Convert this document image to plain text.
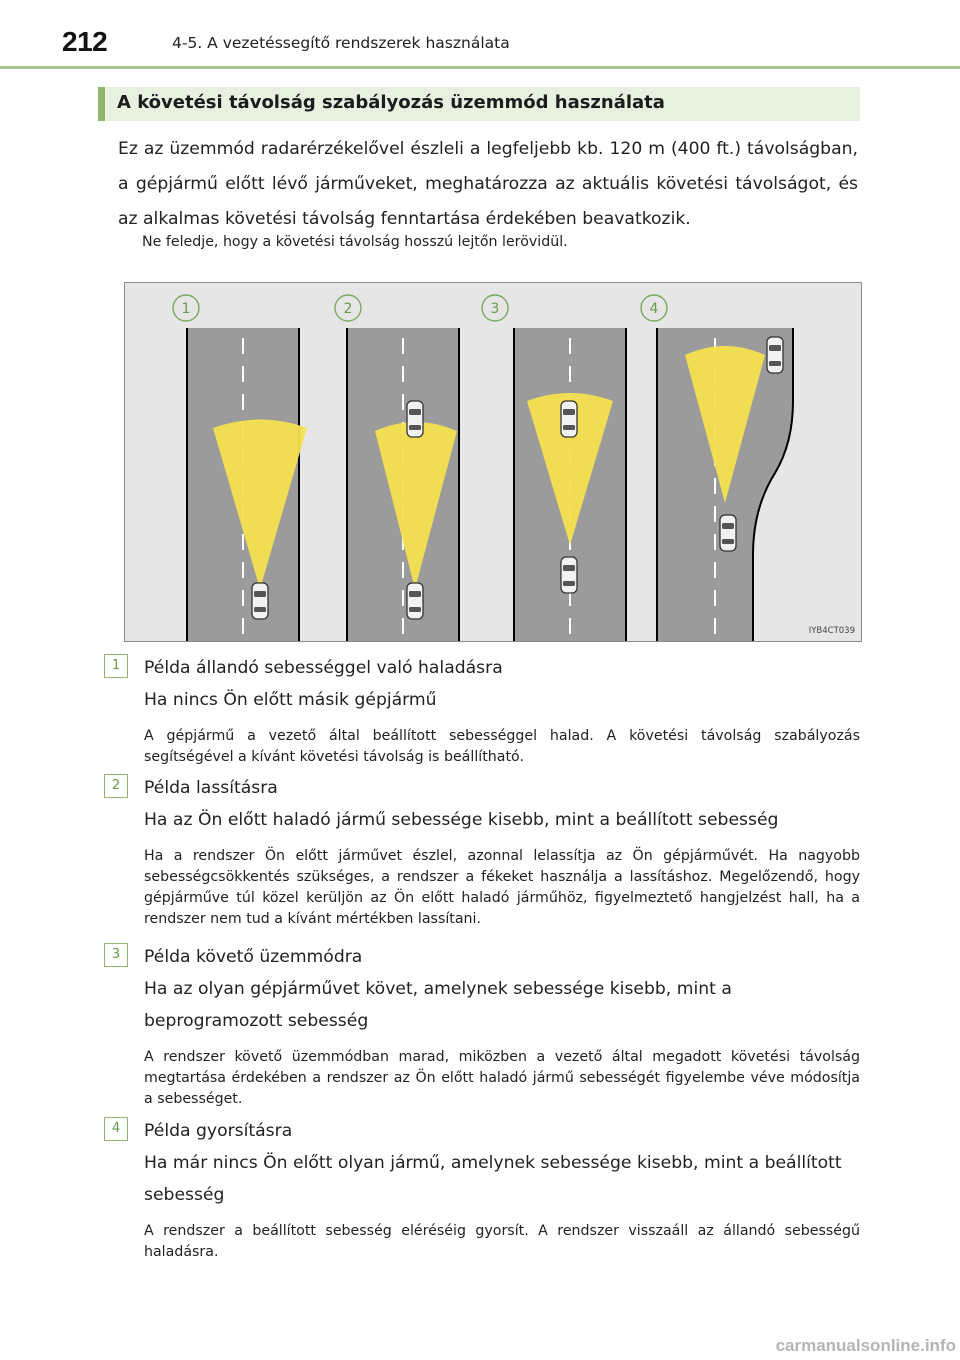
212	4-5. A vezetéssegítő rendszerek használata
A követési távolság szabályozás üzemmód használata
Ez az üzemmód radarérzékelővel észleli a legfeljebb kb. 120 m (400 ft.) távolságban, a gépjármű előtt lévő járműveket, meghatározza az aktuális követési távolságot, és az alkalmas követési távolság fenntartása érdekében beavatkozik.
Ne feledje, hogy a követési távolság hosszú lejtőn lerövidül.
1	2	3	4
IYB4CT039
1	Példa állandó sebességgel való haladásra
Ha nincs Ön előtt másik gépjármű
A gépjármű a vezető által beállított sebességgel halad. A követési távolság szabályozás segítségével a kívánt követési távolság is beállítható.
2	Példa lassításra
Ha az Ön előtt haladó jármű sebessége kisebb, mint a beállított sebesség
Ha a rendszer Ön előtt járművet észlel, azonnal lelassítja az Ön gépjárművét. Ha nagyobb sebességcsökkentés szükséges, a rendszer a fékeket használja a lassításhoz. Megelőzendő, hogy gépjárműve túl közel kerüljön az Ön előtt haladó járműhöz, figyelmeztető hangjelzést hall, ha a rendszer nem tud a kívánt mértékben lassítani.
3	Példa követő üzemmódra
Ha az olyan gépjárművet követ, amelynek sebessége kisebb, mint a beprogramozott sebesség
A rendszer követő üzemmódban marad, miközben a vezető által megadott követési távolság megtartása érdekében a rendszer az Ön előtt haladó jármű sebességét figyelembe véve módosítja a sebességet.
4	Példa gyorsításra
Ha már nincs Ön előtt olyan jármű, amelynek sebessége kisebb, mint a beállított sebesség
A rendszer a beállított sebesség eléréséig gyorsít. A rendszer visszaáll az állandó sebességű haladásra.
carmanualsonline.info
